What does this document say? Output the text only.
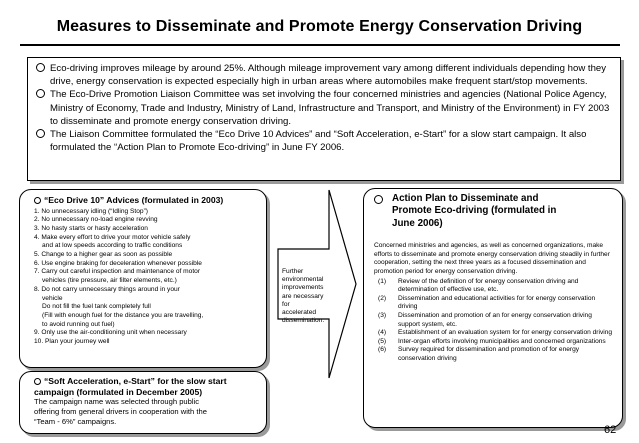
Measures to Disseminate and Promote Energy Conservation Driving
Eco-driving improves mileage by around 25%. Although mileage improvement vary among different individuals depending how they drive, energy conservation is expected especially high in urban areas where automobiles make frequent start/stop movements.
The Eco-Drive Promotion Liaison Committee was set involving the four concerned ministries and agencies (National Police Agency, Ministry of Economy, Trade and Industry, Ministry of Land, Infrastructure and Transport, and Ministry of the Environment) in FY 2003 to disseminate and promote energy conservation driving.
The Liaison Committee formulated the “Eco Drive 10 Advices” and “Soft Acceleration, e-Start” for a slow start campaign. It also formulated the “Action Plan to Promote Eco-driving” in June FY 2006.
“Eco Drive 10” Advices (formulated in 2003)
1. No unnecessary idling (“Idling Stop”)
2. No unnecessary no-load engine revving
3. No hasty starts or hasty acceleration
4. Make every effort to drive your motor vehicle safely
and at low speeds according to traffic conditions
5. Change to a higher gear as soon as possible
6. Use engine braking for deceleration whenever possible
7. Carry out careful inspection and maintenance of motor
vehicles (tire pressure, air filter elements, etc.)
8. Do not carry unnecessary things around in your
vehicle
Do not fill the fuel tank completely full
(Fill with enough fuel for the distance you are travelling,
to avoid running out fuel)
9. Only use the air-conditioning unit when necessary
10. Plan your journey well
“Soft Acceleration, e-Start” for the slow start
campaign (formulated in December 2005)
The campaign name was selected through public
offering from general drivers in cooperation with the
“Team - 6%” campaigns.
Further
environmental
improvements
are necessary
for
accelerated
dissemination.
Action Plan to Disseminate and
Promote Eco-driving (formulated in
June 2006)
Concerned ministries and agencies, as well as concerned organizations, make efforts to disseminate and promote energy conservation driving steadily in further cooperation, setting the next three years as a focused dissemination and promotion period for energy conservation driving.
(1) Review of the definition of for energy conservation driving and determination of effective use, etc.
(2) Dissemination and educational activities for for energy conservation driving
(3) Dissemination and promotion of an for energy conservation driving support system, etc.
(4) Establishment of an evaluation system for for energy conservation driving
(5) Inter-organ efforts involving municipalities and concerned organizations
(6) Survey required for dissemination and promotion of for energy conservation driving
62
